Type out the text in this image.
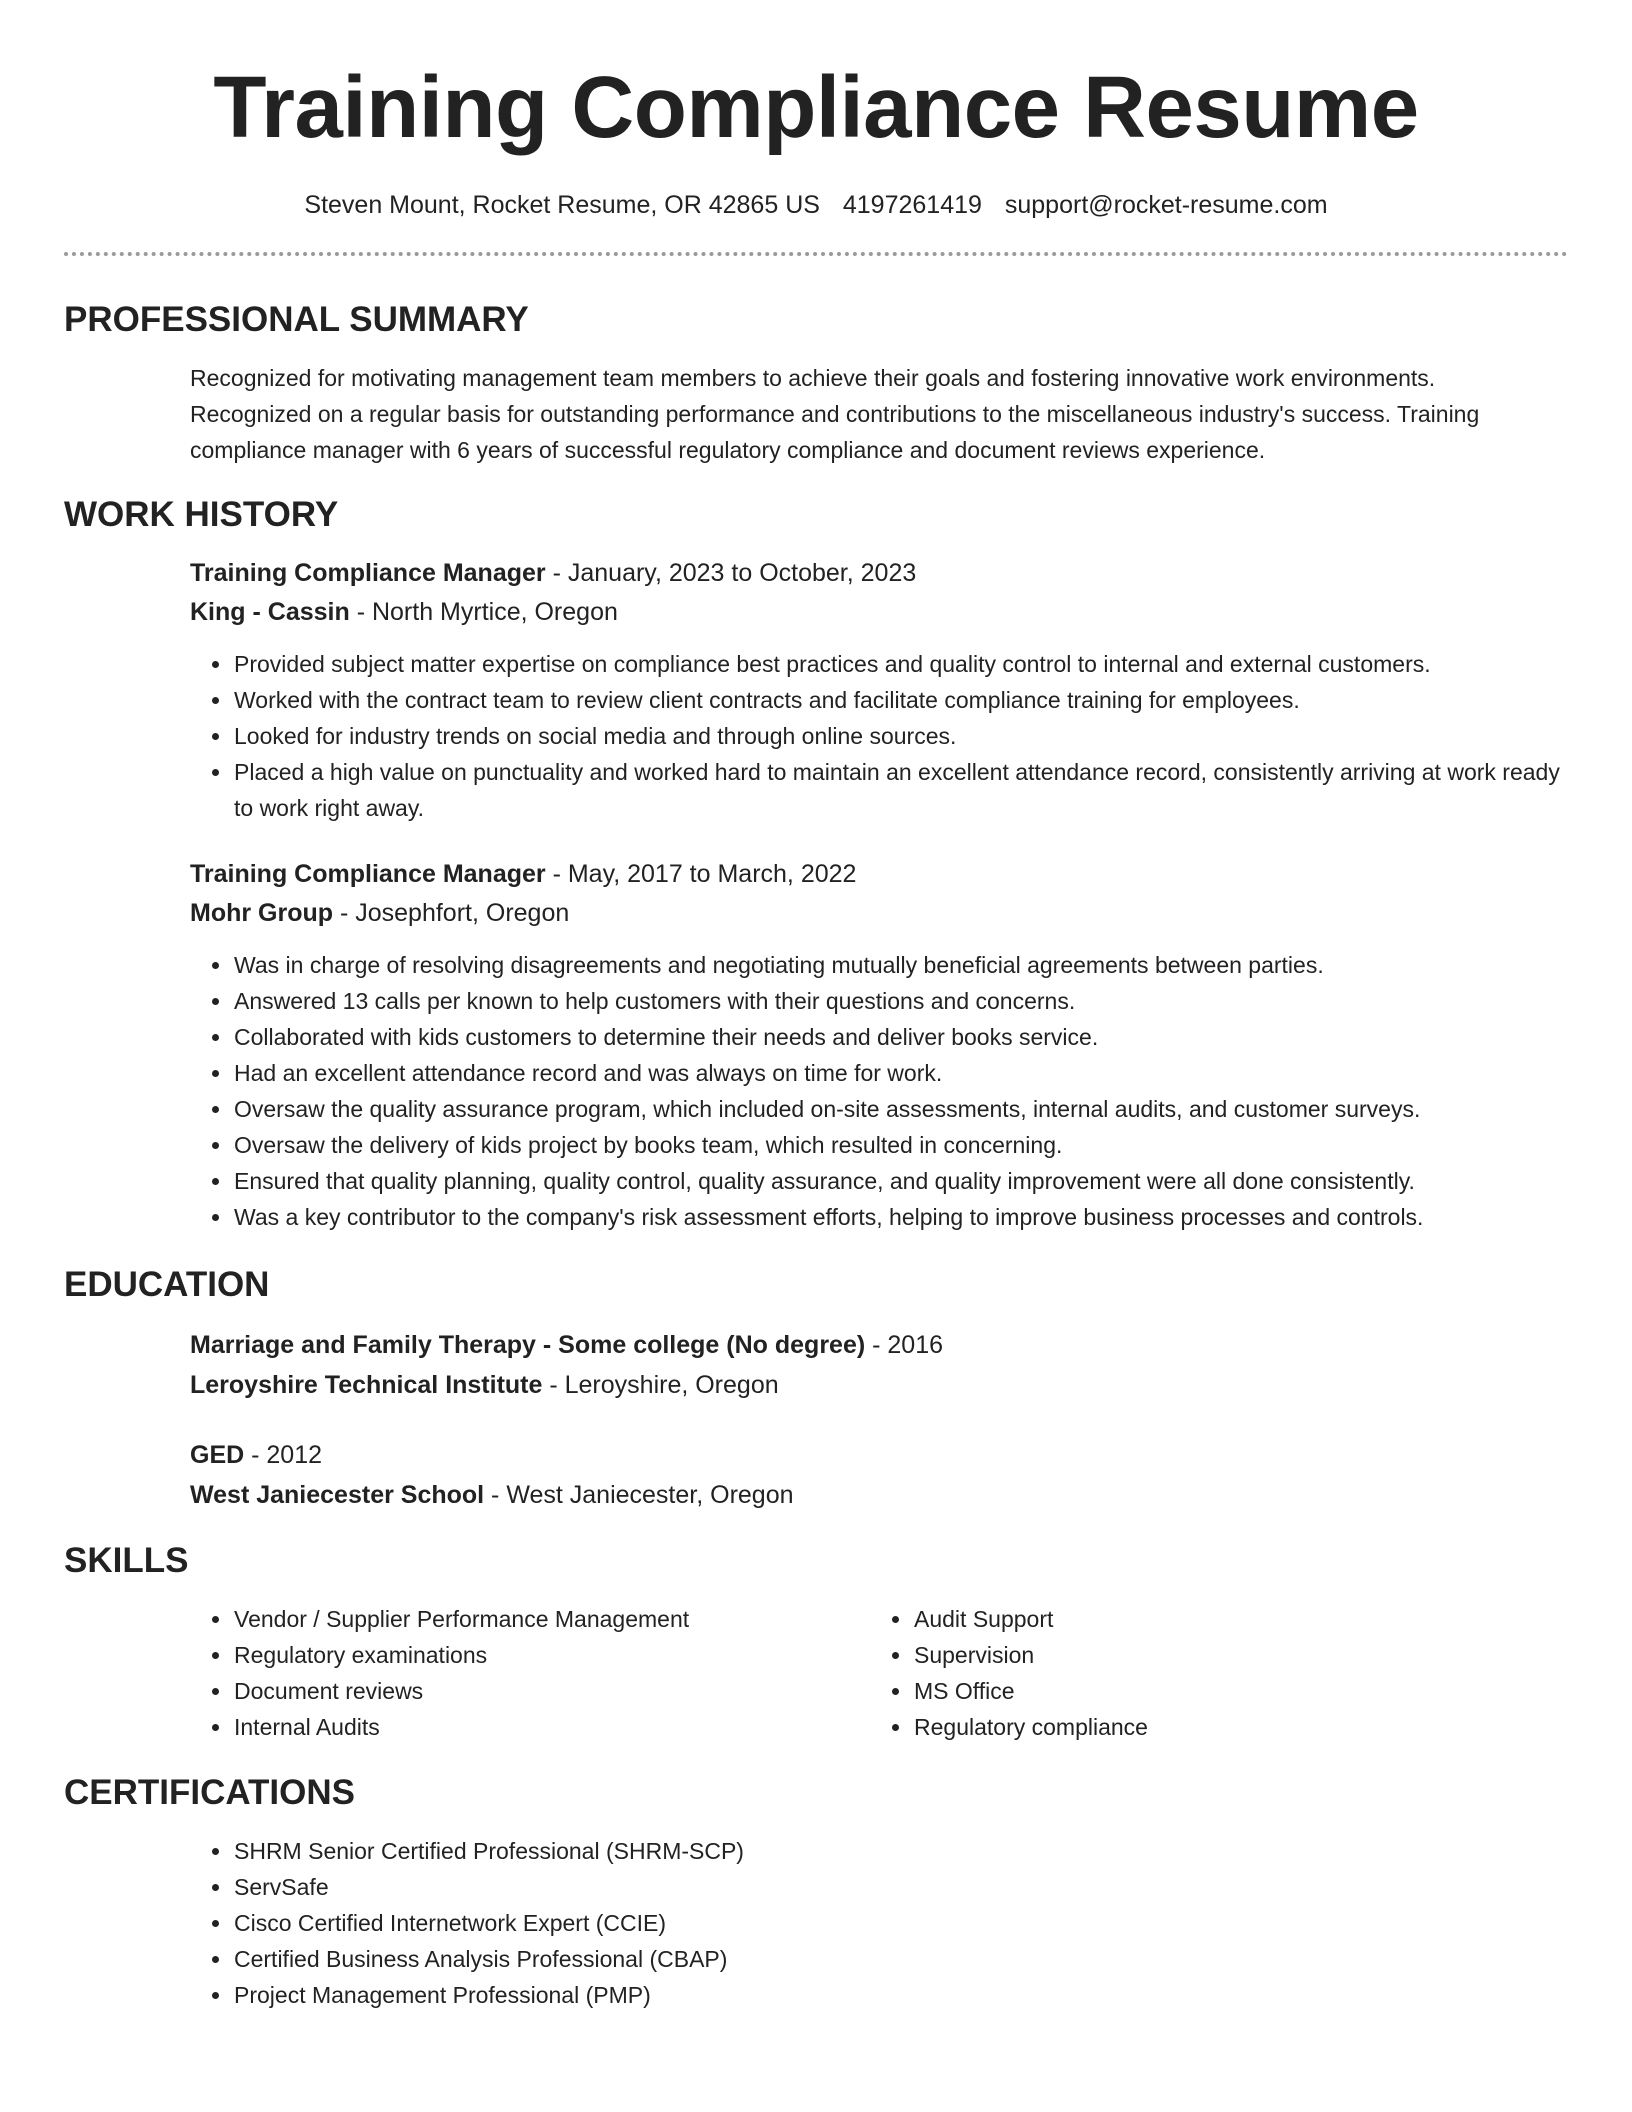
Training Compliance Resume
Steven Mount, Rocket Resume, OR 42865 US 4197261419 support@rocket-resume.com
PROFESSIONAL SUMMARY

Recognized for motivating management team members to achieve their goals and fostering innovative work environments. Recognized on a regular basis for outstanding performance and contributions to the miscellaneous industry's success. Training compliance manager with 6 years of successful regulatory compliance and document reviews experience.

WORK HISTORY

Training Compliance Manager - January, 2023 to October, 2023

King - Cassin - North Myrtice, Oregon

• Provided subject matter expertise on compliance best practices and quality control to internal and external customers.
• Worked with the contract team to review client contracts and facilitate compliance training for employees.
• Looked for industry trends on social media and through online sources.
• Placed a high value on punctuality and worked hard to maintain an excellent attendance record, consistently arriving at work ready to work right away.

Training Compliance Manager - May, 2017 to March, 2022

Mohr Group - Josephfort, Oregon

• Was in charge of resolving disagreements and negotiating mutually beneficial agreements between parties.
• Answered 13 calls per known to help customers with their questions and concerns.
• Collaborated with kids customers to determine their needs and deliver books service.
• Had an excellent attendance record and was always on time for work.
• Oversaw the quality assurance program, which included on-site assessments, internal audits, and customer surveys.
• Oversaw the delivery of kids project by books team, which resulted in concerning.
• Ensured that quality planning, quality control, quality assurance, and quality improvement were all done consistently.
• Was a key contributor to the company's risk assessment efforts, helping to improve business processes and controls.
EDUCATION

Marriage and Family Therapy - Some college (No degree) - 2016

Leroyshire Technical Institute - Leroyshire, Oregon

GED - 2012

West Janiecester School - West Janiecester, Oregon

SKILLS
• Vendor / Supplier Performance Management
• Regulatory examinations
• Document reviews
• Internal Audits
• Audit Support
• Supervision
• MS Office
• Regulatory compliance
CERTIFICATIONS
• SHRM Senior Certified Professional (SHRM-SCP)
• ServSafe
• Cisco Certified Internetwork Expert (CCIE)
• Certified Business Analysis Professional (CBAP)
• Project Management Professional (PMP)
